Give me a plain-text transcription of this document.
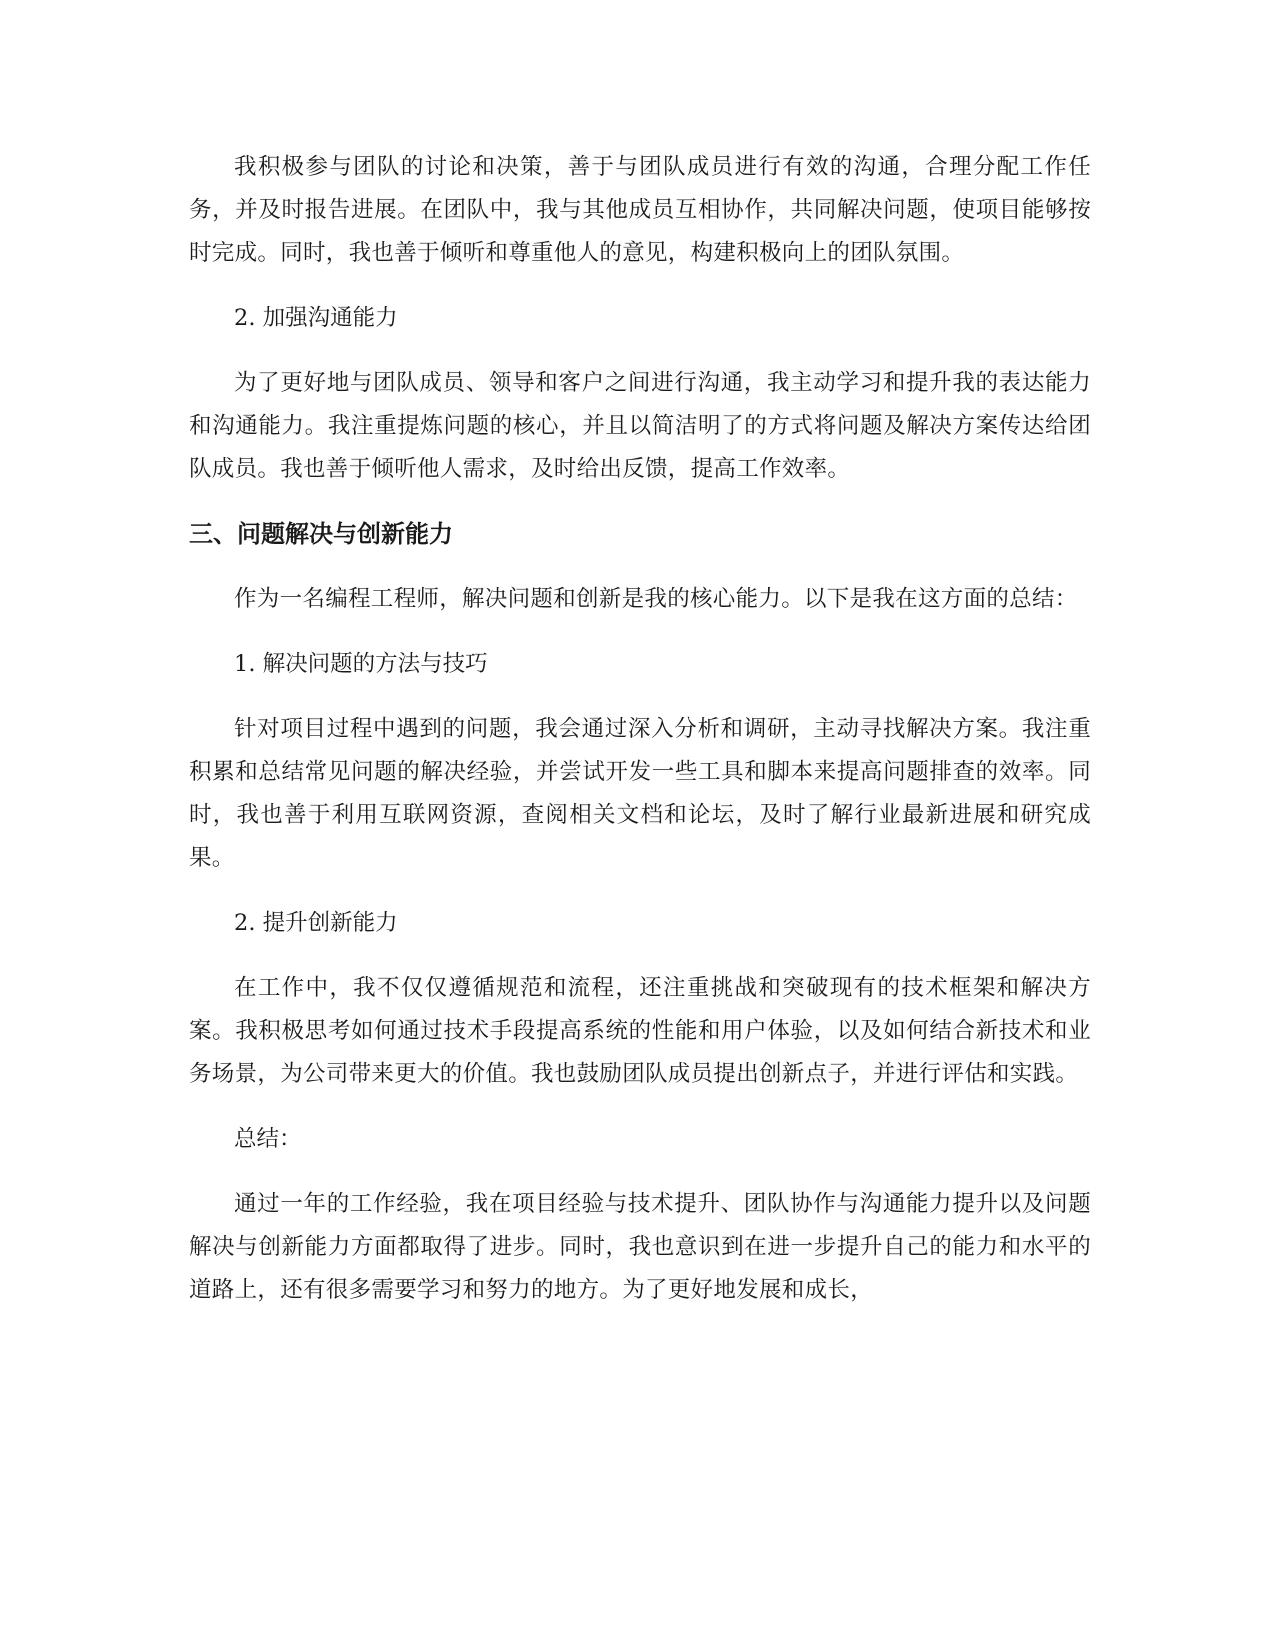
我积极参与团队的讨论和决策，善于与团队成员进行有效的沟通，合理分配工作任务，并及时报告进展。在团队中，我与其他成员互相协作，共同解决问题，使项目能够按时完成。同时，我也善于倾听和尊重他人的意见，构建积极向上的团队氛围。

2. 加强沟通能力

为了更好地与团队成员、领导和客户之间进行沟通，我主动学习和提升我的表达能力和沟通能力。我注重提炼问题的核心，并且以简洁明了的方式将问题及解决方案传达给团队成员。我也善于倾听他人需求，及时给出反馈，提高工作效率。

三、问题解决与创新能力

作为一名编程工程师，解决问题和创新是我的核心能力。以下是我在这方面的总结：

1. 解决问题的方法与技巧

针对项目过程中遇到的问题，我会通过深入分析和调研，主动寻找解决方案。我注重积累和总结常见问题的解决经验，并尝试开发一些工具和脚本来提高问题排查的效率。同时，我也善于利用互联网资源，查阅相关文档和论坛，及时了解行业最新进展和研究成果。

2. 提升创新能力

在工作中，我不仅仅遵循规范和流程，还注重挑战和突破现有的技术框架和解决方案。我积极思考如何通过技术手段提高系统的性能和用户体验，以及如何结合新技术和业务场景，为公司带来更大的价值。我也鼓励团队成员提出创新点子，并进行评估和实践。

总结：

通过一年的工作经验，我在项目经验与技术提升、团队协作与沟通能力提升以及问题解决与创新能力方面都取得了进步。同时，我也意识到在进一步提升自己的能力和水平的道路上，还有很多需要学习和努力的地方。为了更好地发展和成长，
